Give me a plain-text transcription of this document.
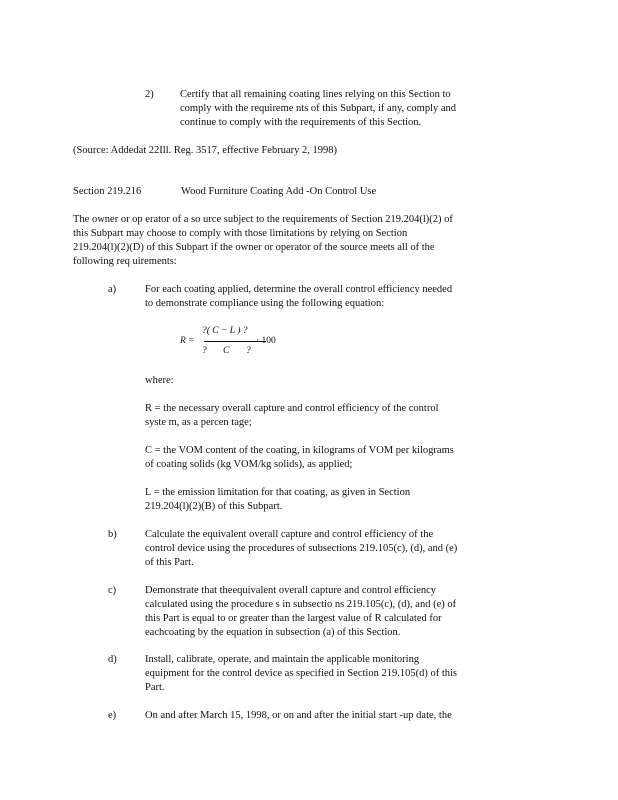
2)	Certify that all remaining coating lines relying on this Section to
comply with the requireme nts of this Subpart, if any, comply and
continue to comply with the requirements of this Section.
(Source: Addedat 22Ill. Reg. 3517, effective February 2, 1998)
Section 219.216	Wood Furniture Coating Add -On Control Use
The owner or op erator of a so urce subject to the requirements of Section 219.204(l)(2) of
this Subpart may choose to comply with those limitations by relying on Section
219.204(l)(2)(D) of this Subpart if the owner or operator of the source meets all of the
following req uirements:
a)	For each coating applied, determine the overall control efficiency needed
to demonstrate compliance using the following equation:
?( C − L ) ?
R =
? C ?
· 100
where:
R = the necessary overall capture and control efficiency of the control
syste m, as a percen tage;
C = the VOM content of the coating, in kilograms of VOM per kilograms
of coating solids (kg VOM/kg solids), as applied;
L = the emission limitation for that coating, as given in Section
219.204(l)(2)(B) of this Subpart.
b)	Calculate the equivalent overall capture and control efficiency of the
control device using the procedures of subsections 219.105(c), (d), and (e)
of this Part.
c)	Demonstrate that theequivalent overall capture and control efficiency
calculated using the procedure s in subsectio ns 219.105(c), (d), and (e) of
this Part is equal to or greater than the largest value of R calculated for
eachcoating by the equation in subsection (a) of this Section.
d)	Install, calibrate, operate, and maintain the applicable monitoring
equipment for the control device as specified in Section 219.105(d) of this
Part.
e)	On and after March 15, 1998, or on and after the initial start -up date, the
